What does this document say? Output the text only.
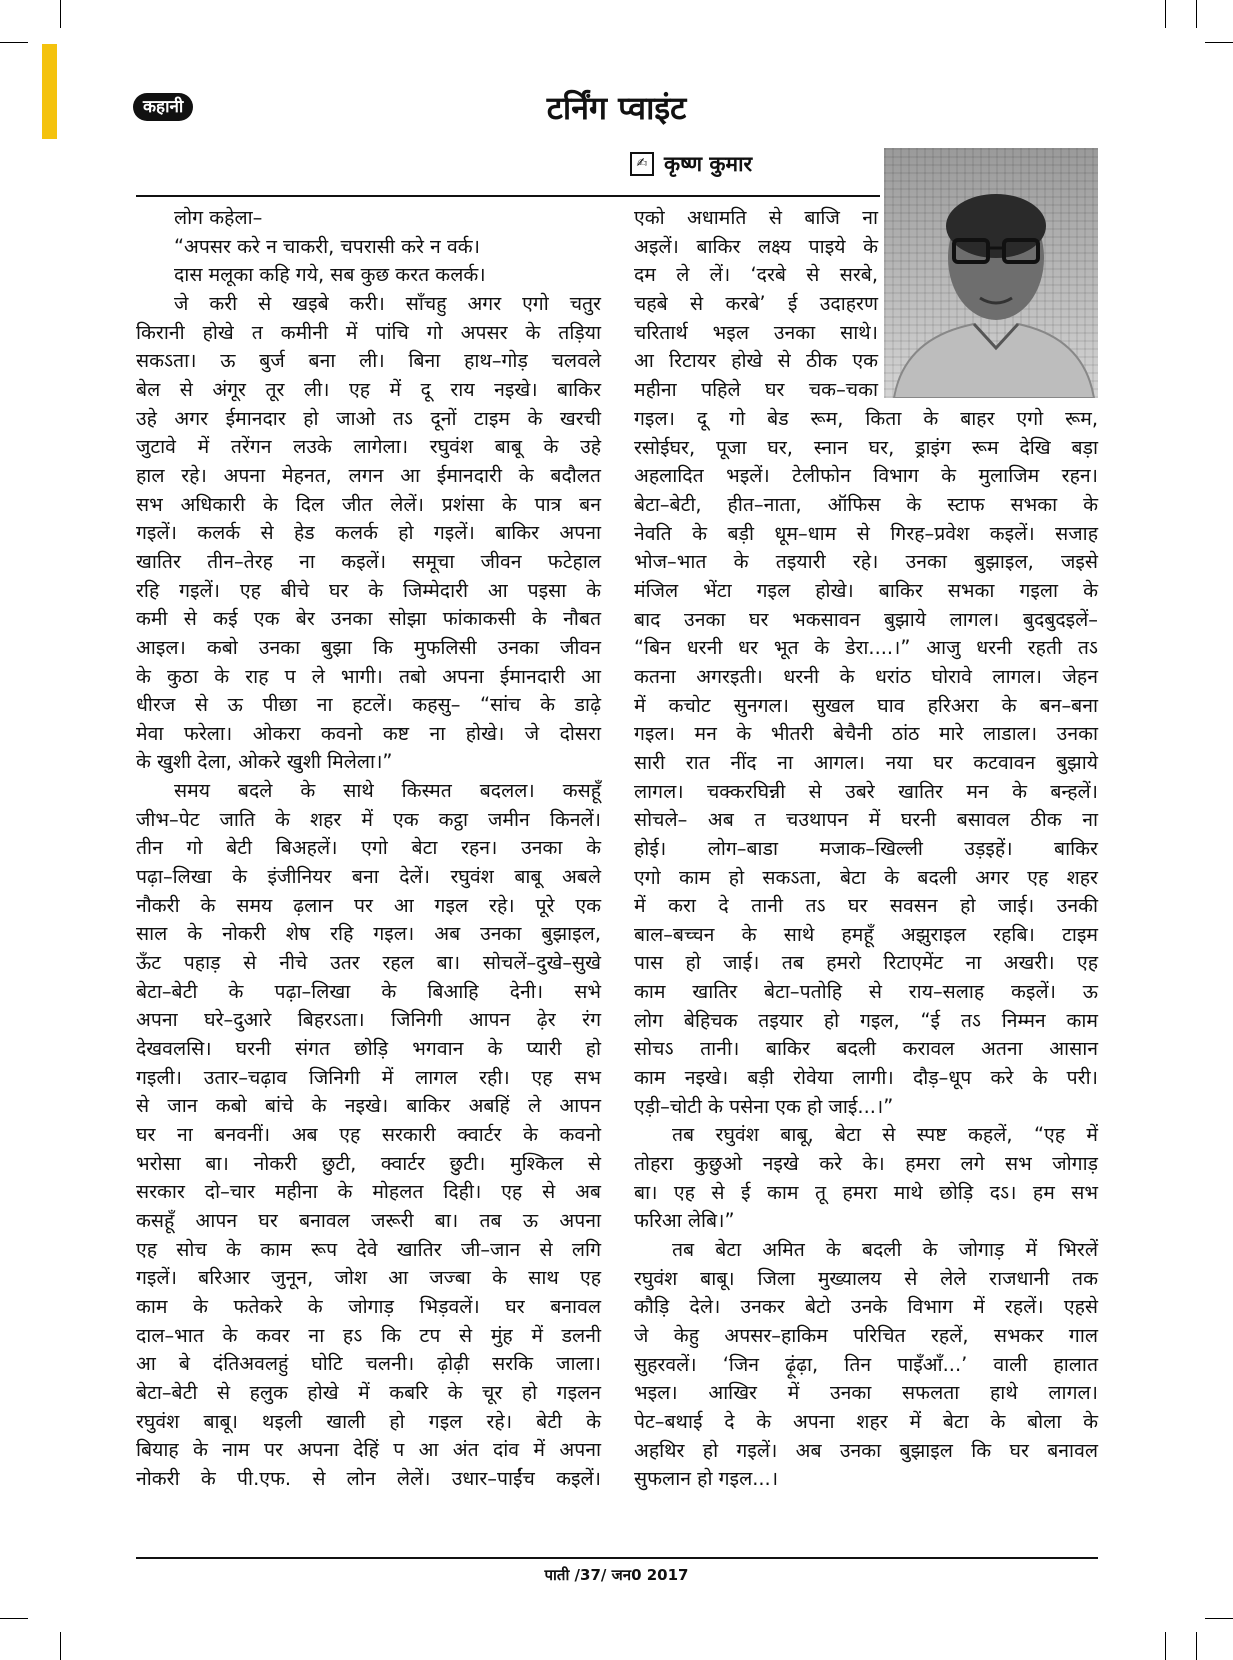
कहानी	टर्निंग प्वाइंट
✍ कृष्ण कुमार

लोग कहेला–

“अपसर करे न चाकरी, चपरासी करे न वर्क।

दास मलूका कहि गये, सब कुछ करत कलर्क।

जे करी से खइबे करी। साँचहु अगर एगो चतुर

किरानी होखे त कमीनी में पांचि गो अपसर के तड़िया

सकऽता। ऊ बुर्ज बना ली। बिना हाथ–गोड़ चलवले

बेल से अंगूर तूर ली। एह में दू राय नइखे। बाकिर

उहे अगर ईमानदार हो जाओ तऽ दूनों टाइम के खरची

जुटावे में तरेंगन लउके लागेला। रघुवंश बाबू के उहे

हाल रहे। अपना मेहनत, लगन आ ईमानदारी के बदौलत

सभ अधिकारी के दिल जीत लेलें। प्रशंसा के पात्र बन

गइलें। कलर्क से हेड कलर्क हो गइलें। बाकिर अपना

खातिर तीन–तेरह ना कइलें। समूचा जीवन फटेहाल

रहि गइलें। एह बीचे घर के जिम्मेदारी आ पइसा के

कमी से कई एक बेर उनका सोझा फांकाकसी के नौबत

आइल। कबो उनका बुझा कि मुफलिसी उनका जीवन

के कुठा के राह प ले भागी। तबो अपना ईमानदारी आ

धीरज से ऊ पीछा ना हटलें। कहसु– “सांच के डाढ़े

मेवा फरेला। ओकरा कवनो कष्ट ना होखे। जे दोसरा

के खुशी देला, ओकरे खुशी मिलेला।”

समय बदले के साथे किस्मत बदलल। कसहूँ

जीभ–पेट जाति के शहर में एक कट्ठा जमीन किनलें।

तीन गो बेटी बिअहलें। एगो बेटा रहन। उनका के

पढ़ा–लिखा के इंजीनियर बना देलें। रघुवंश बाबू अबले

नौकरी के समय ढ़लान पर आ गइल रहे। पूरे एक

साल के नोकरी शेष रहि गइल। अब उनका बुझाइल,

ऊँट पहाड़ से नीचे उतर रहल बा। सोचलें–दुखे–सुखे

बेटा–बेटी के पढ़ा–लिखा के बिआहि देनी। सभे

अपना घरे–दुआरे बिहरऽता। जिनिगी आपन ढ़ेर रंग

देखवलसि। घरनी संगत छोड़ि भगवान के प्यारी हो

गइली। उतार–चढ़ाव जिनिगी में लागल रही। एह सभ

से जान कबो बांचे के नइखे। बाकिर अबहिं ले आपन

घर ना बनवनीं। अब एह सरकारी क्वार्टर के कवनो

भरोसा बा। नोकरी छुटी, क्वार्टर छुटी। मुश्किल से

सरकार दो–चार महीना के मोहलत दिही। एह से अब

कसहूँ आपन घर बनावल जरूरी बा। तब ऊ अपना

एह सोच के काम रूप देवे खातिर जी–जान से लगि

गइलें। बरिआर जुनून, जोश आ जज्बा के साथ एह

काम के फतेकरे के जोगाड़ भिड़वलें। घर बनावल

दाल–भात के कवर ना हऽ कि टप से मुंह में डलनी

आ बे दंतिअवलहुं घोटि चलनी। ढ़ोढ़ी सरकि जाला।

बेटा–बेटी से हलुक होखे में कबरि के चूर हो गइलन

रघुवंश बाबू। थइली खाली हो गइल रहे। बेटी के

बियाह के नाम पर अपना देहिं प आ अंत दांव में अपना

नोकरी के पी.एफ. से लोन लेलें। उधार–पाईंच कइलें।

एको अधामति से बाजि ना

अइलें। बाकिर लक्ष्य पाइये के

दम ले लें। ‘दरबे से सरबे,

चहबे से करबे’ ई उदाहरण

चरितार्थ भइल उनका साथे।

आ रिटायर होखे से ठीक एक

महीना पहिले घर चक–चका

गइल। दू गो बेड रूम, किता के बाहर एगो रूम,

रसोईघर, पूजा घर, स्नान घर, ड्राइंग रूम देखि बड़ा

अहलादित भइलें। टेलीफोन विभाग के मुलाजिम रहन।

बेटा–बेटी, हीत–नाता, ऑफिस के स्टाफ सभका के

नेवति के बड़ी धूम–धाम से गिरह–प्रवेश कइलें। सजाह

भोज–भात के तइयारी रहे। उनका बुझाइल, जइसे

मंजिल भेंटा गइल होखे। बाकिर सभका गइला के

बाद उनका घर भकसावन बुझाये लागल। बुदबुदइलें–

“बिन धरनी धर भूत के डेरा....।” आजु धरनी रहती तऽ

कतना अगरइती। धरनी के धरांठ घोरावे लागल। जेहन

में कचोट सुनगल। सुखल घाव हरिअरा के बन–बना

गइल। मन के भीतरी बेचैनी ठांठ मारे लाडाल। उनका

सारी रात नींद ना आगल। नया घर कटवावन बुझाये

लागल। चक्करघिन्नी से उबरे खातिर मन के बन्हलें।

सोचले– अब त चउथापन में घरनी बसावल ठीक ना

होई। लोग–बाडा मजाक–खिल्ली उड़इहें। बाकिर

एगो काम हो सकऽता, बेटा के बदली अगर एह शहर

में करा दे तानी तऽ घर सवसन हो जाई। उनकी

बाल–बच्चन के साथे हमहूँ अझुराइल रहबि। टाइम

पास हो जाई। तब हमरो रिटाएमेंट ना अखरी। एह

काम खातिर बेटा–पतोहि से राय–सलाह कइलें। ऊ

लोग बेहिचक तइयार हो गइल, “ई तऽ निम्मन काम

सोचऽ तानी। बाकिर बदली करावल अतना आसान

काम नइखे। बड़ी रोवेया लागी। दौड़–धूप करे के परी।

एड़ी–चोटी के पसेना एक हो जाई...।”

तब रघुवंश बाबू, बेटा से स्पष्ट कहलें, “एह में

तोहरा कुछुओ नइखे करे के। हमरा लगे सभ जोगाड़

बा। एह से ई काम तू हमरा माथे छोड़ि दऽ। हम सभ

फरिआ लेबि।”

तब बेटा अमित के बदली के जोगाड़ में भिरलें

रघुवंश बाबू। जिला मुख्यालय से लेले राजधानी तक

कौड़ि देले। उनकर बेटो उनके विभाग में रहलें। एहसे

जे केहु अपसर–हाकिम परिचित रहलें, सभकर गाल

सुहरवलें। ‘जिन ढ़ूंढ़ा, तिन पाइँआँ...’ वाली हालात

भइल। आखिर में उनका सफलता हाथे लागल।

पेट–बथाई दे के अपना शहर में बेटा के बोला के

अहथिर हो गइलें। अब उनका बुझाइल कि घर बनावल

सुफलान हो गइल...।

पाती /37/ जन0 2017
